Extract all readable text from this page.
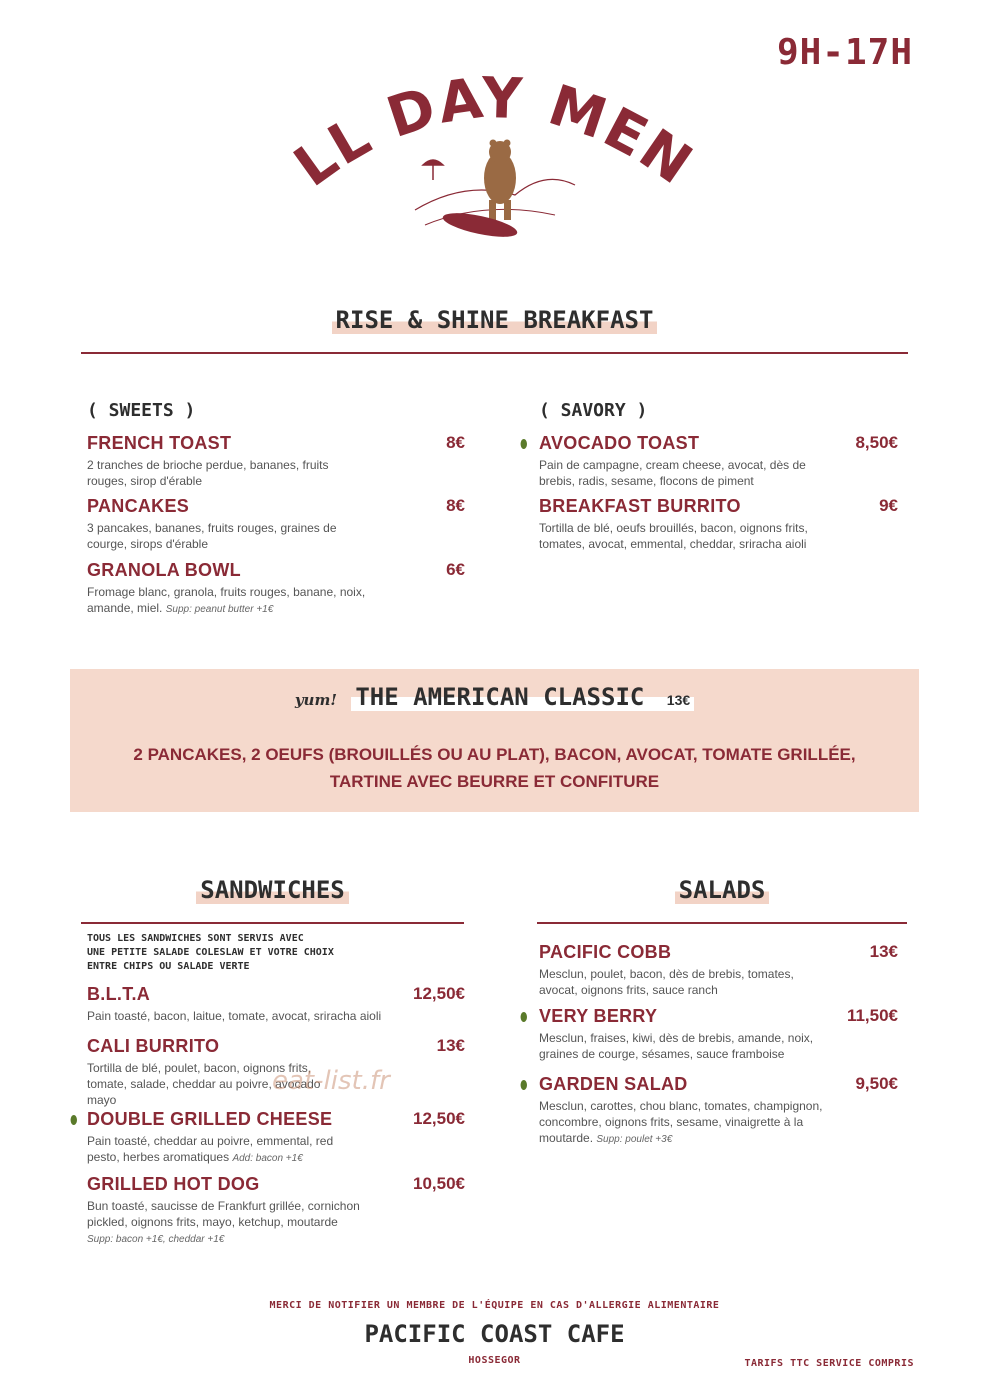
9H-17H
LL DAY MEN
RISE & SHINE BREAKFAST
( SWEETS )
FRENCH TOAST	8€
2 tranches de brioche perdue, bananes, fruits rouges, sirop d'érable
PANCAKES	8€
3 pancakes, bananes, fruits rouges, graines de courge, sirops d'érable
GRANOLA BOWL	6€
Fromage blanc, granola, fruits rouges, banane, noix, amande, miel. Supp: peanut butter +1€
( SAVORY )
⬮ AVOCADO TOAST	8,50€
Pain de campagne, cream cheese, avocat, dès de brebis, radis, sesame, flocons de piment
BREAKFAST BURRITO	9€
Tortilla de blé, oeufs brouillés, bacon, oignons frits, tomates, avocat, emmental, cheddar, sriracha aioli
yum! THE AMERICAN CLASSIC 13€
2 PANCAKES, 2 OEUFS (BROUILLÉS OU AU PLAT), BACON, AVOCAT, TOMATE GRILLÉE,
TARTINE AVEC BEURRE ET CONFITURE
SANDWICHES
TOUS LES SANDWICHES SONT SERVIS AVEC
UNE PETITE SALADE COLESLAW ET VOTRE CHOIX
ENTRE CHIPS OU SALADE VERTE
B.L.T.A	12,50€
Pain toasté, bacon, laitue, tomate, avocat, sriracha aioli
CALI BURRITO	13€
Tortilla de blé, poulet, bacon, oignons frits, tomate, salade, cheddar au poivre, avocado mayo
⬮ DOUBLE GRILLED CHEESE	12,50€
Pain toasté, cheddar au poivre, emmental, red pesto, herbes aromatiques Add: bacon +1€
GRILLED HOT DOG	10,50€
Bun toasté, saucisse de Frankfurt grillée, cornichon pickled, oignons frits, mayo, ketchup, moutarde
Supp: bacon +1€, cheddar +1€
eat-list.fr
SALADS
PACIFIC COBB	13€
Mesclun, poulet, bacon, dès de brebis, tomates, avocat, oignons frits, sauce ranch
⬮ VERY BERRY	11,50€
Mesclun, fraises, kiwi, dès de brebis, amande, noix, graines de courge, sésames, sauce framboise
⬮ GARDEN SALAD	9,50€
Mesclun, carottes, chou blanc, tomates, champignon, concombre, oignons frits, sesame, vinaigrette à la moutarde. Supp: poulet +3€
MERCI DE NOTIFIER UN MEMBRE DE L'ÉQUIPE EN CAS D'ALLERGIE ALIMENTAIRE
PACIFIC COAST CAFE
HOSSEGOR	TARIFS TTC SERVICE COMPRIS
